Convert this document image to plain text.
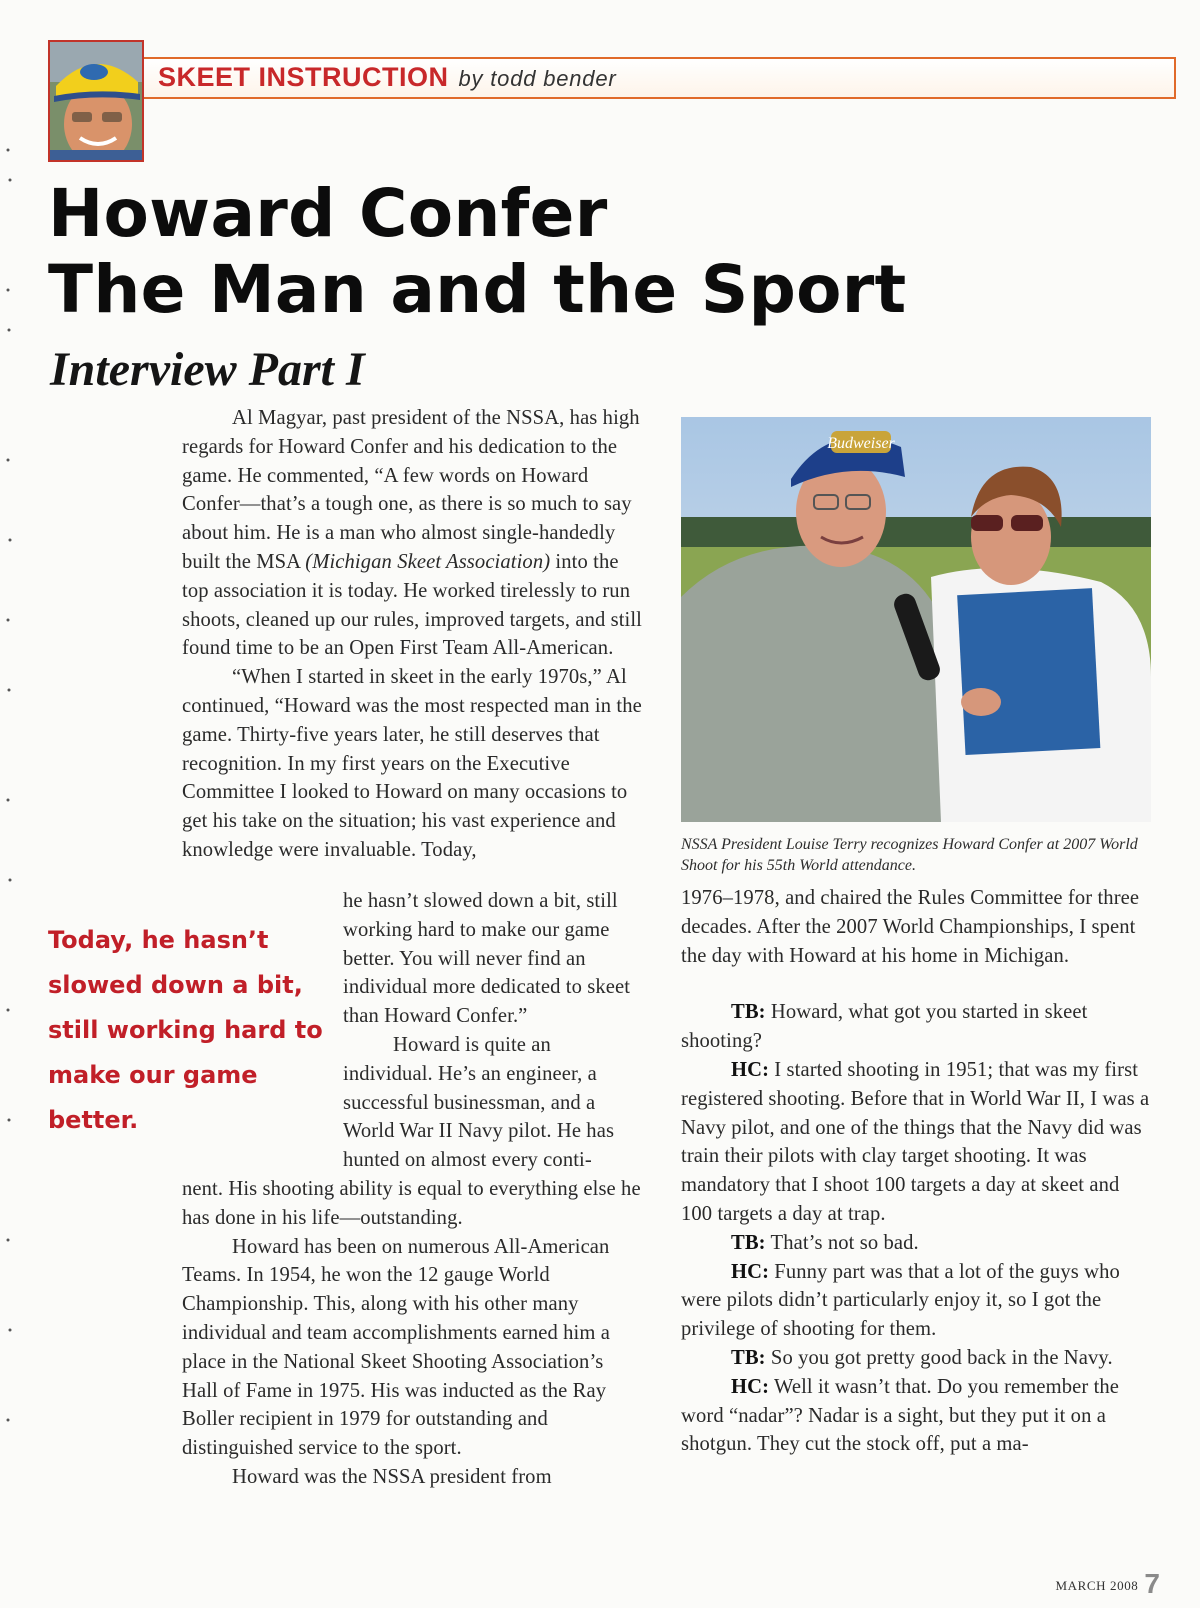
SKEET INSTRUCTION by todd bender
Howard Confer
The Man and the Sport
Interview Part I

Al Magyar, past president of the NSSA, has high regards for Howard Confer and his dedication to the game. He commented, “A few words on Howard Confer—that’s a tough one, as there is so much to say about him. He is a man who almost single-handedly built the MSA (Michigan Skeet Association) into the top association it is today. He worked tirelessly to run shoots, cleaned up our rules, improved targets, and still found time to be an Open First Team All-American.

“When I started in skeet in the early 1970s,” Al continued, “Howard was the most respected man in the game. Thirty-five years later, he still deserves that recognition. In my first years on the Executive Committee I looked to Howard on many occasions to get his take on the situation; his vast experience and knowledge were invaluable. Today,

Today, he hasn’t slowed down a bit, still working hard to make our game better.

he hasn’t slowed down a bit, still working hard to make our game better. You will never find an individual more dedicated to skeet than Howard Confer.”

Howard is quite an individual. He’s an engineer, a successful businessman, and a World War II Navy pilot. He has hunted on almost every conti-

nent. His shooting ability is equal to everything else he has done in his life—outstanding.

Howard has been on numerous All-American Teams. In 1954, he won the 12 gauge World Championship. This, along with his other many individual and team accomplishments earned him a place in the National Skeet Shooting Association’s Hall of Fame in 1975. His was inducted as the Ray Boller recipient in 1979 for outstanding and distinguished service to the sport.

Howard was the NSSA president from

Budweiser

NSSA President Louise Terry recognizes Howard Confer at 2007 World Shoot for his 55th World attendance.

1976–1978, and chaired the Rules Committee for three decades. After the 2007 World Championships, I spent the day with Howard at his home in Michigan.

TB: Howard, what got you started in skeet shooting?

HC: I started shooting in 1951; that was my first registered shooting. Before that in World War II, I was a Navy pilot, and one of the things that the Navy did was train their pilots with clay target shooting. It was mandatory that I shoot 100 targets a day at skeet and 100 targets a day at trap.

TB: That’s not so bad.

HC: Funny part was that a lot of the guys who were pilots didn’t particularly enjoy it, so I got the privilege of shooting for them.

TB: So you got pretty good back in the Navy.

HC: Well it wasn’t that. Do you remember the word “nadar”? Nadar is a sight, but they put it on a shotgun. They cut the stock off, put a ma-

MARCH 2008 7
